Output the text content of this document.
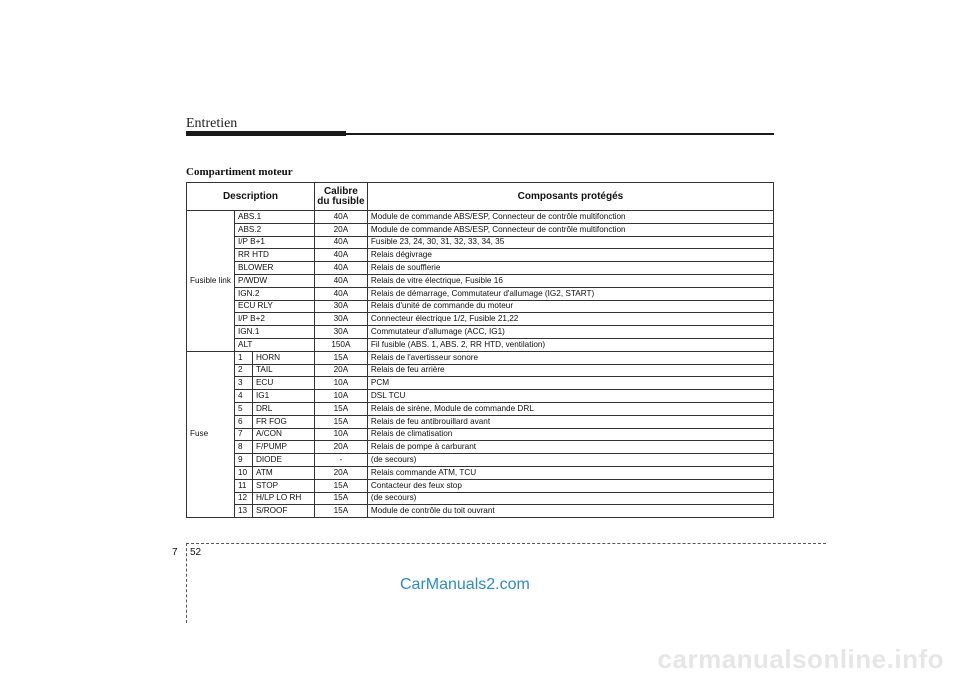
Entretien
Compartiment moteur
Description			Calibre
du fusible	Composants protégés
Fusible link	ABS.1		40A	Module de commande ABS/ESP, Connecteur de contrôle multifonction
	ABS.2		20A	Module de commande ABS/ESP, Connecteur de contrôle multifonction
	I/P B+1		40A	Fusible 23, 24, 30, 31, 32, 33, 34, 35
	RR HTD		40A	Relais dégivrage
	BLOWER		40A	Relais de soufflerie
	P/WDW		40A	Relais de vitre électrique, Fusible 16
	IGN.2		40A	Relais de démarrage, Commutateur d'allumage (IG2, START)
	ECU RLY		30A	Relais d'unité de commande du moteur
	I/P B+2		30A	Connecteur électrique 1/2, Fusible 21,22
	IGN.1		30A	Commutateur d'allumage (ACC, IG1)
	ALT		150A	Fil fusible (ABS. 1, ABS. 2, RR HTD, ventilation)
Fuse	1	HORN	15A	Relais de l'avertisseur sonore
	2	TAIL	20A	Relais de feu arrière
	3	ECU	10A	PCM
	4	IG1	10A	DSL TCU
	5	DRL	15A	Relais de sirène, Module de commande DRL
	6	FR FOG	15A	Relais de feu antibrouillard avant
	7	A/CON	10A	Relais de climatisation
	8	F/PUMP	20A	Relais de pompe à carburant
	9	DIODE	-	(de secours)
	10	ATM	20A	Relais commande ATM, TCU
	11	STOP	15A	Contacteur des feux stop
	12	H/LP LO RH	15A	(de secours)
	13	S/ROOF	15A	Module de contrôle du toit ouvrant
7 52
CarManuals2.com
carmanualsonline.info
